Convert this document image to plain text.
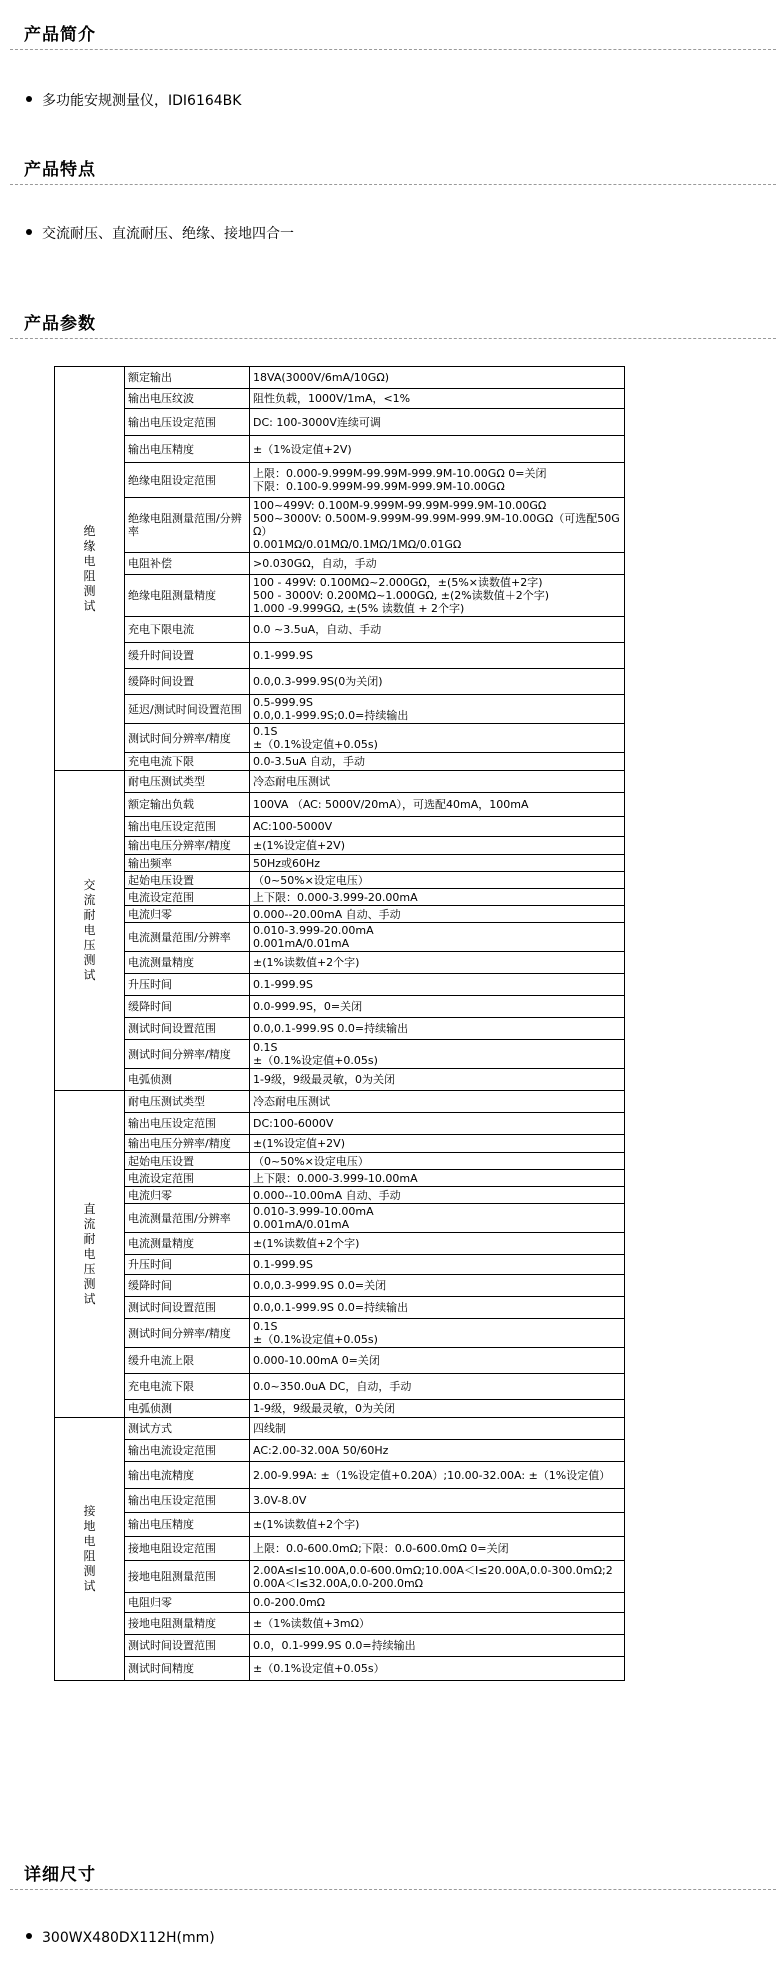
产品简介
多功能安规测量仪，IDI6164BK
产品特点
交流耐压、直流耐压、绝缘、接地四合一
产品参数
绝缘电阻测试	额定输出	18VA(3000V/6mA/10GΩ)
	输出电压纹波	阻性负载，1000V/1mA，<1%
	输出电压设定范围	DC: 100-3000V连续可调
	输出电压精度	±（1%设定值+2V)
	绝缘电阻设定范围	上限：0.000-9.999M-99.99M-999.9M-10.00GΩ 0=关闭
下限：0.100-9.999M-99.99M-999.9M-10.00GΩ
	绝缘电阻测量范围/分辨率	100~499V: 0.100M-9.999M-99.99M-999.9M-10.00GΩ
500~3000V: 0.500M-9.999M-99.99M-999.9M-10.00GΩ（可选配50GΩ）
0.001MΩ/0.01MΩ/0.1MΩ/1MΩ/0.01GΩ
	电阻补偿	>0.030GΩ，自动，手动
	绝缘电阻测量精度	100 - 499V: 0.100MΩ~2.000GΩ，±(5%×读数值+2字)
500 - 3000V: 0.200MΩ~1.000GΩ, ±(2%读数值＋2个字)
1.000 -9.999GΩ, ±(5% 读数值 + 2个字)
	充电下限电流	0.0 ~3.5uA，自动、手动
	缓升时间设置	0.1-999.9S
	缓降时间设置	0.0,0.3-999.9S(0为关闭)
	延迟/测试时间设置范围	0.5-999.9S
0.0,0.1-999.9S;0.0=持续输出
	测试时间分辨率/精度	0.1S
±（0.1%设定值+0.05s)
	充电电流下限	0.0-3.5uA 自动，手动
交流耐电压测试	耐电压测试类型	冷态耐电压测试
	额定输出负载	100VA （AC: 5000V/20mA），可选配40mA，100mA
	输出电压设定范围	AC:100-5000V
	输出电压分辨率/精度	±(1%设定值+2V)
	输出频率	50Hz或60Hz
	起始电压设置	（0~50%×设定电压）
	电流设定范围	上下限：0.000-3.999-20.00mA
	电流归零	0.000--20.00mA 自动、手动
	电流测量范围/分辨率	0.010-3.999-20.00mA
0.001mA/0.01mA
	电流测量精度	±(1%读数值+2个字)
	升压时间	0.1-999.9S
	缓降时间	0.0-999.9S，0=关闭
	测试时间设置范围	0.0,0.1-999.9S 0.0=持续输出
	测试时间分辨率/精度	0.1S
±（0.1%设定值+0.05s)
	电弧侦测	1-9级，9级最灵敏，0为关闭
直流耐电压测试	耐电压测试类型	冷态耐电压测试
	输出电压设定范围	DC:100-6000V
	输出电压分辨率/精度	±(1%设定值+2V)
	起始电压设置	（0~50%×设定电压）
	电流设定范围	上下限：0.000-3.999-10.00mA
	电流归零	0.000--10.00mA 自动、手动
	电流测量范围/分辨率	0.010-3.999-10.00mA
0.001mA/0.01mA
	电流测量精度	±(1%读数值+2个字)
	升压时间	0.1-999.9S
	缓降时间	0.0,0.3-999.9S 0.0=关闭
	测试时间设置范围	0.0,0.1-999.9S 0.0=持续输出
	测试时间分辨率/精度	0.1S
±（0.1%设定值+0.05s)
	缓升电流上限	0.000-10.00mA 0=关闭
	充电电流下限	0.0~350.0uA DC，自动，手动
	电弧侦测	1-9级，9级最灵敏，0为关闭
接地电阻测试	测试方式	四线制
	输出电流设定范围	AC:2.00-32.00A 50/60Hz
	输出电流精度	2.00-9.99A: ±（1%设定值+0.20A）;10.00-32.00A: ±（1%设定值）
	输出电压设定范围	3.0V-8.0V
	输出电压精度	±(1%读数值+2个字)
	接地电阻设定范围	上限：0.0-600.0mΩ;下限：0.0-600.0mΩ 0=关闭
	接地电阻测量范围	2.00A≤I≤10.00A,0.0-600.0mΩ;10.00A＜I≤20.00A,0.0-300.0mΩ;20.00A＜I≤32.00A,0.0-200.0mΩ
	电阻归零	0.0-200.0mΩ
	接地电阻测量精度	±（1%读数值+3mΩ）
	测试时间设置范围	0.0，0.1-999.9S 0.0=持续输出
	测试时间精度	±（0.1%设定值+0.05s）
详细尺寸
300WX480DX112H(mm)
